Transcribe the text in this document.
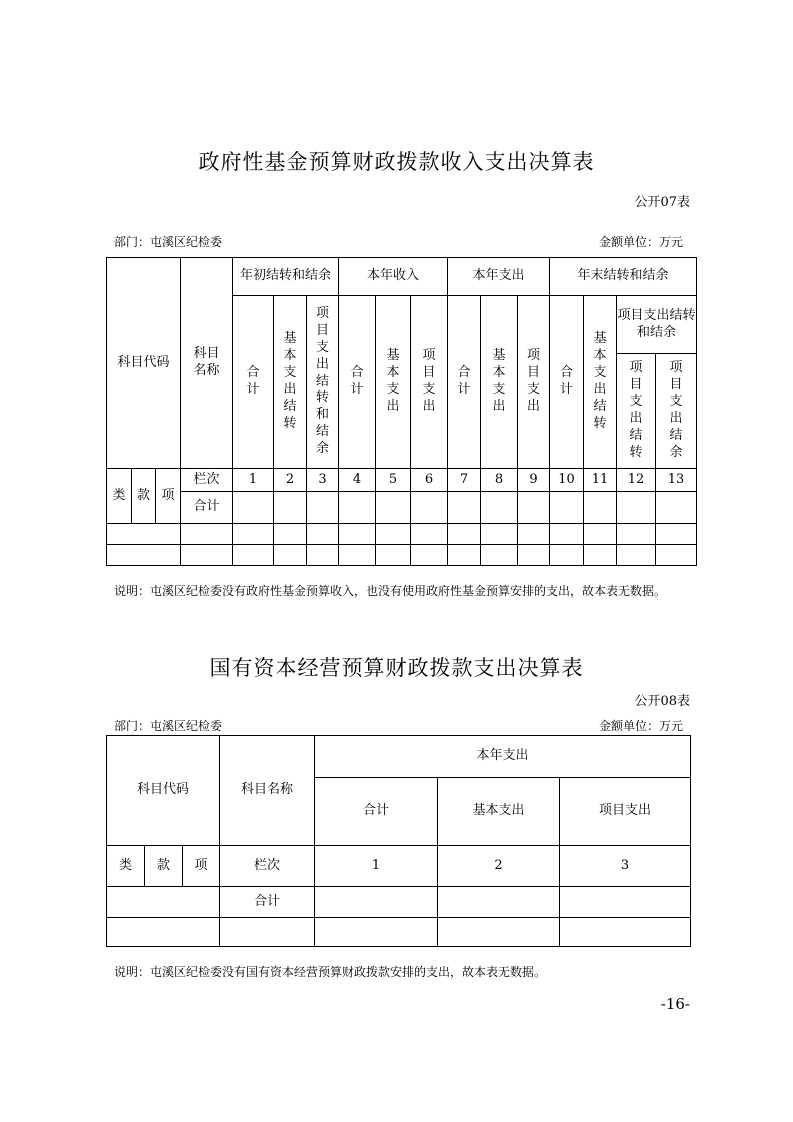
政府性基金预算财政拨款收入支出决算表
公开07表
部门：屯溪区纪检委	金额单位：万元
科目代码			科目名称	年初结转和结余			本年收入			本年支出			年末结转和结余			

				合计	基本支出结转	项目支出结转和结余	合计	基本支出	项目支出	合计	基本支出	项目支出	合计	基本支出结转	项目支出结转和结余	

															项目支出结转	项目支出结余

类	款	项	栏次	1	2	3	4	5	6	7	8	9	10	11	12	13
			合计													

说明：屯溪区纪检委没有政府性基金预算收入，也没有使用政府性基金预算安排的支出，故本表无数据。
国有资本经营预算财政拨款支出决算表
公开08表
部门：屯溪区纪检委	金额单位：万元
科目代码			科目名称	本年支出		
				合计	基本支出	项目支出
类	款	项	栏次	1	2	3
			合计			

说明：屯溪区纪检委没有国有资本经营预算财政拨款安排的支出，故本表无数据。
-16-
